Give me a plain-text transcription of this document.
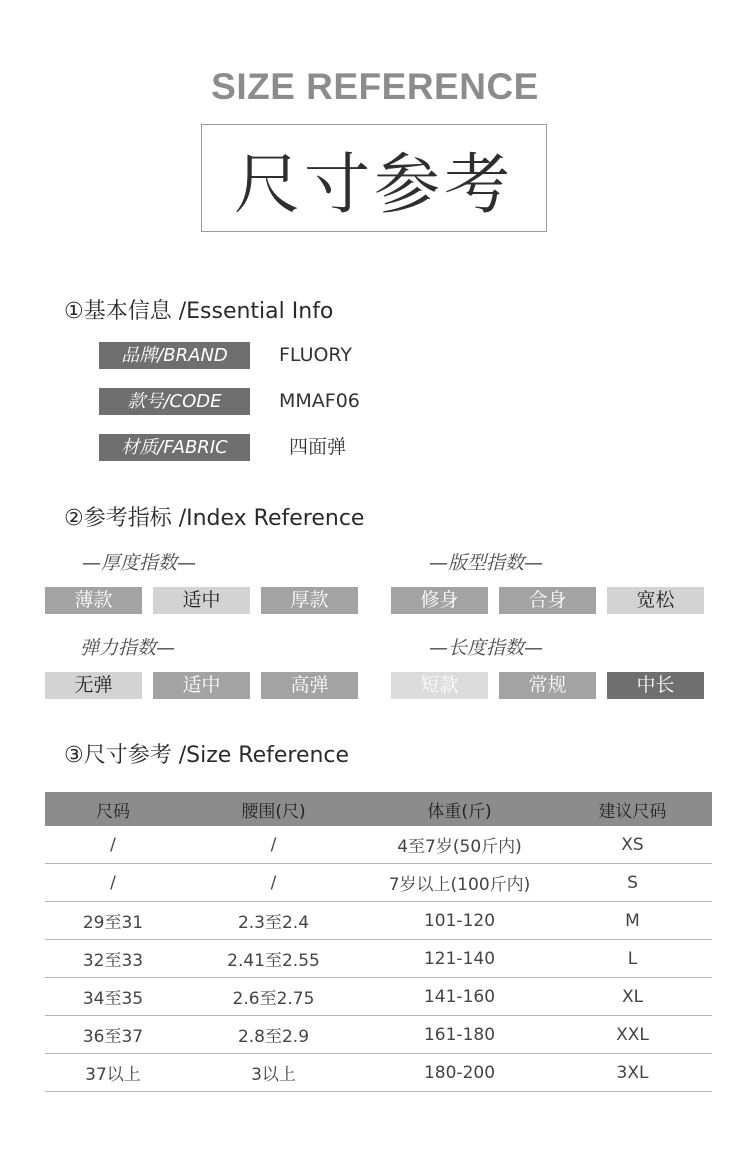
SIZE REFERENCE
尺寸参考
①基本信息 /Essential Info
品牌/BRAND	FLUORY
款号/CODE	MMAF06
材质/FABRIC	四面弹
②参考指标 /Index Reference
—厚度指数—	—版型指数—
薄款	适中	厚款	修身	合身	宽松
弹力指数—	—长度指数—
无弹	适中	高弹	短款	常规	中长
③尺寸参考 /Size Reference
尺码	腰围(尺)	体重(斤)	建议尺码
/	/	4至7岁(50斤内)	XS
/	/	7岁以上(100斤内)	S
29至31	2.3至2.4	101-120	M
32至33	2.41至2.55	121-140	L
34至35	2.6至2.75	141-160	XL
36至37	2.8至2.9	161-180	XXL
37以上	3以上	180-200	3XL
